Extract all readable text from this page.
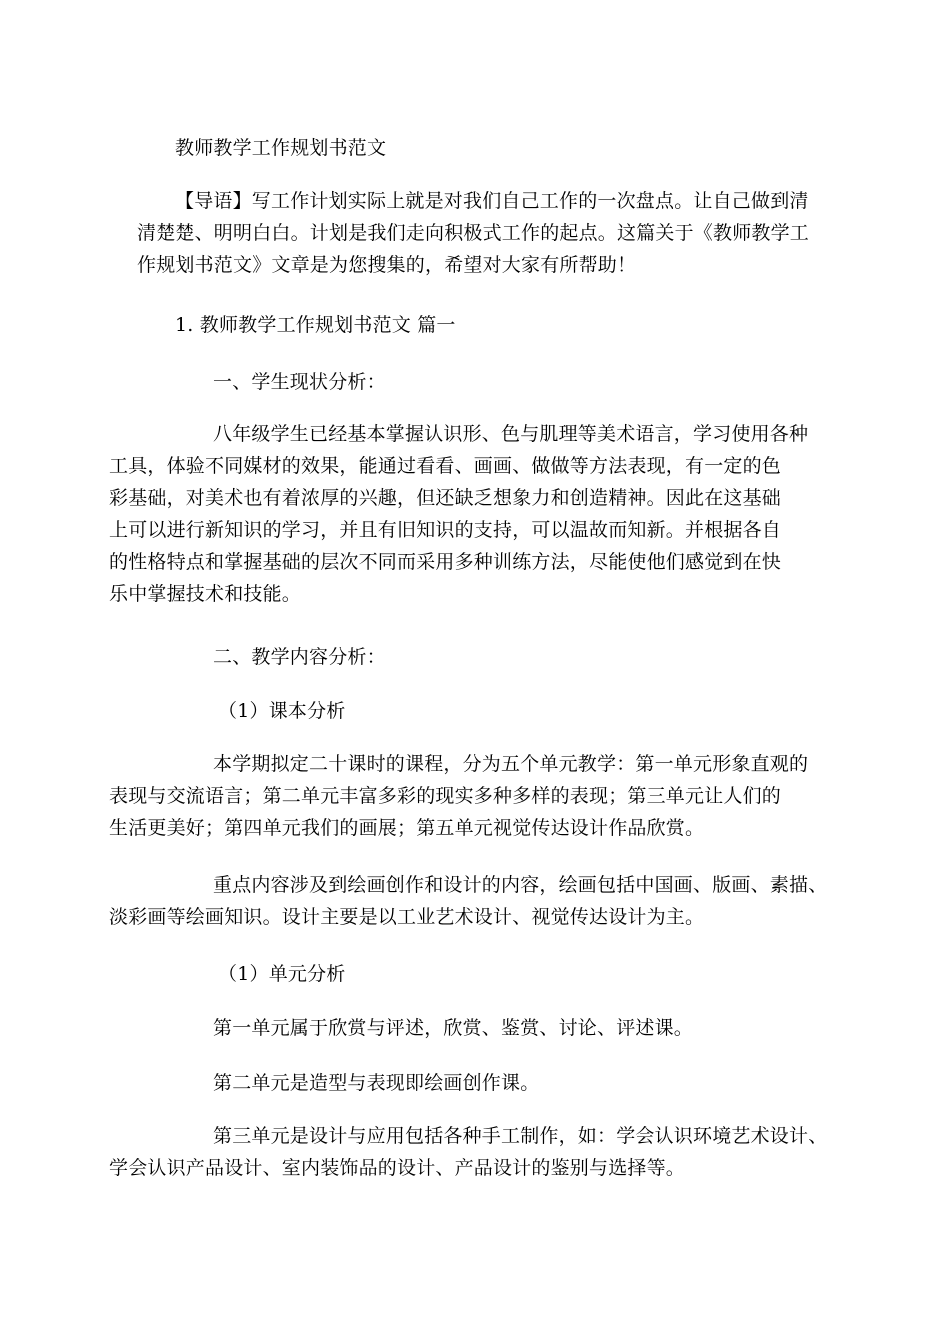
教师教学工作规划书范文
【导语】写工作计划实际上就是对我们自己工作的一次盘点。让自己做到清
清楚楚、明明白白。计划是我们走向积极式工作的起点。这篇关于《教师教学工
作规划书范文》文章是为您搜集的，希望对大家有所帮助！
1. 教师教学工作规划书范文 篇一
一、学生现状分析：
八年级学生已经基本掌握认识形、色与肌理等美术语言，学习使用各种
工具，体验不同媒材的效果，能通过看看、画画、做做等方法表现，有一定的色
彩基础，对美术也有着浓厚的兴趣，但还缺乏想象力和创造精神。因此在这基础
上可以进行新知识的学习，并且有旧知识的支持，可以温故而知新。并根据各自
的性格特点和掌握基础的层次不同而采用多种训练方法，尽能使他们感觉到在快
乐中掌握技术和技能。
二、教学内容分析：
（1）课本分析
本学期拟定二十课时的课程，分为五个单元教学：第一单元形象直观的
表现与交流语言；第二单元丰富多彩的现实多种多样的表现；第三单元让人们的
生活更美好；第四单元我们的画展；第五单元视觉传达设计作品欣赏。
重点内容涉及到绘画创作和设计的内容，绘画包括中国画、版画、素描、
淡彩画等绘画知识。设计主要是以工业艺术设计、视觉传达设计为主。
（1）单元分析
第一单元属于欣赏与评述，欣赏、鉴赏、讨论、评述课。
第二单元是造型与表现即绘画创作课。
第三单元是设计与应用包括各种手工制作，如：学会认识环境艺术设计、
学会认识产品设计、室内装饰品的设计、产品设计的鉴别与选择等。
